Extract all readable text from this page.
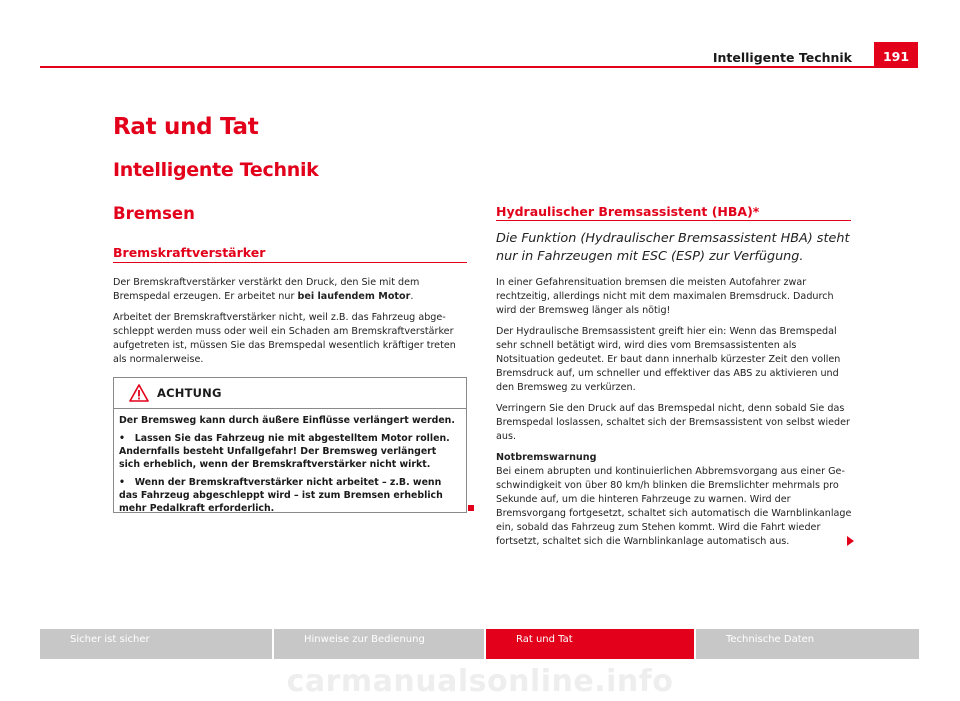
Intelligente Technik	191
Rat und Tat
Intelligente Technik
Bremsen
Bremskraftverstärker

Der Bremskraftverstärker verstärkt den Druck, den Sie mit dem Bremspedal erzeugen. Er arbeitet nur bei laufendem Motor.

Arbeitet der Bremskraftverstärker nicht, weil z.B. das Fahrzeug abgeschleppt werden muss oder weil ein Schaden am Bremskraftverstärker aufgetreten ist, müssen Sie das Bremspedal wesentlich kräftiger treten als normalerweise.

ACHTUNG

Der Bremsweg kann durch äußere Einflüsse verlängert werden.

•   Lassen Sie das Fahrzeug nie mit abgestelltem Motor rollen. Andernfalls besteht Unfallgefahr! Der Bremsweg verlängert sich erheblich, wenn der Bremskraftverstärker nicht wirkt.

•   Wenn der Bremskraftverstärker nicht arbeitet – z.B. wenn das Fahrzeug abgeschleppt wird – ist zum Bremsen erheblich mehr Pedalkraft erforderlich.

Hydraulischer Bremsassistent (HBA)*
Die Funktion (Hydraulischer Bremsassistent HBA) steht nur in Fahrzeugen mit ESC (ESP) zur Verfügung.

In einer Gefahrensituation bremsen die meisten Autofahrer zwar rechtzeitig, allerdings nicht mit dem maximalen Bremsdruck. Dadurch wird der Bremsweg länger als nötig!

Der Hydraulische Bremsassistent greift hier ein: Wenn das Bremspedal sehr schnell betätigt wird, wird dies vom Bremsassistenten als Notsituation gedeutet. Er baut dann innerhalb kürzester Zeit den vollen Bremsdruck auf, um schneller und effektiver das ABS zu aktivieren und den Bremsweg zu verkürzen.

Verringern Sie den Druck auf das Bremspedal nicht, denn sobald Sie das Bremspedal loslassen, schaltet sich der Bremsassistent von selbst wieder aus.

Notbremswarnung

Bei einem abrupten und kontinuierlichen Abbremsvorgang aus einer Geschwindigkeit von über 80 km/h blinken die Bremslichter mehrmals pro Sekunde auf, um die hinteren Fahrzeuge zu warnen. Wird der Bremsvorgang fortgesetzt, schaltet sich automatisch die Warnblinkanlage ein, sobald das Fahrzeug zum Stehen kommt. Wird die Fahrt wieder fortsetzt, schaltet sich die Warnblinkanlage automatisch aus.

Sicher ist sicher	Hinweise zur Bedienung	Rat und Tat	Technische Daten
carmanualsonline.info
